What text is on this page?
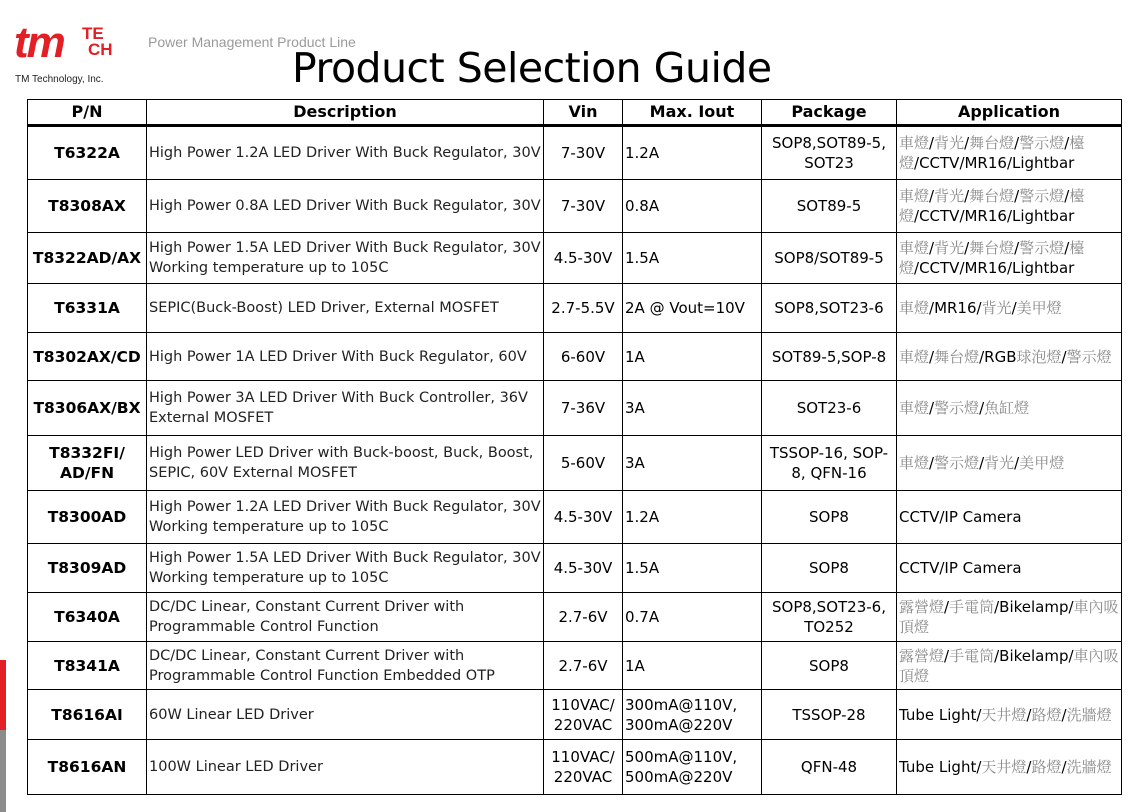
tm TE
CH
TM Technology, Inc.
Power Management Product Line
Product Selection Guide
P/N	Description	Vin	Max. Iout	Package	Application
T6322A	High Power 1.2A LED Driver With Buck Regulator, 30V	7-30V	1.2A	SOP8,SOT89-5, SOT23	車燈/背光/舞台燈/警示燈/檯燈/CCTV/MR16/Lightbar
T8308AX	High Power 0.8A LED Driver With Buck Regulator, 30V	7-30V	0.8A	SOT89-5	車燈/背光/舞台燈/警示燈/檯燈/CCTV/MR16/Lightbar
T8322AD/AX	High Power 1.5A LED Driver With Buck Regulator, 30V Working temperature up to 105C	4.5-30V	1.5A	SOP8/SOT89-5	車燈/背光/舞台燈/警示燈/檯燈/CCTV/MR16/Lightbar
T6331A	SEPIC(Buck-Boost) LED Driver, External MOSFET	2.7-5.5V	2A @ Vout=10V	SOP8,SOT23-6	車燈/MR16/背光/美甲燈
T8302AX/CD	High Power 1A LED Driver With Buck Regulator, 60V	6-60V	1A	SOT89-5,SOP-8	車燈/舞台燈/RGB球泡燈/警示燈
T8306AX/BX	High Power 3A LED Driver With Buck Controller, 36V External MOSFET	7-36V	3A	SOT23-6	車燈/警示燈/魚缸燈
T8332FI/ AD/FN	High Power LED Driver with Buck-boost, Buck, Boost, SEPIC, 60V External MOSFET	5-60V	3A	TSSOP-16, SOP-8, QFN-16	車燈/警示燈/背光/美甲燈
T8300AD	High Power 1.2A LED Driver With Buck Regulator, 30V Working temperature up to 105C	4.5-30V	1.2A	SOP8	CCTV/IP Camera
T8309AD	High Power 1.5A LED Driver With Buck Regulator, 30V Working temperature up to 105C	4.5-30V	1.5A	SOP8	CCTV/IP Camera
T6340A	DC/DC Linear, Constant Current Driver with Programmable Control Function	2.7-6V	0.7A	SOP8,SOT23-6, TO252	露營燈/手電筒/Bikelamp/車內吸頂燈
T8341A	DC/DC Linear, Constant Current Driver with Programmable Control Function Embedded OTP	2.7-6V	1A	SOP8	露營燈/手電筒/Bikelamp/車內吸頂燈
T8616AI	60W Linear LED Driver	110VAC/ 220VAC	300mA@110V, 300mA@220V	TSSOP-28	Tube Light/天井燈/路燈/洗牆燈
T8616AN	100W Linear LED Driver	110VAC/ 220VAC	500mA@110V, 500mA@220V	QFN-48	Tube Light/天井燈/路燈/洗牆燈
